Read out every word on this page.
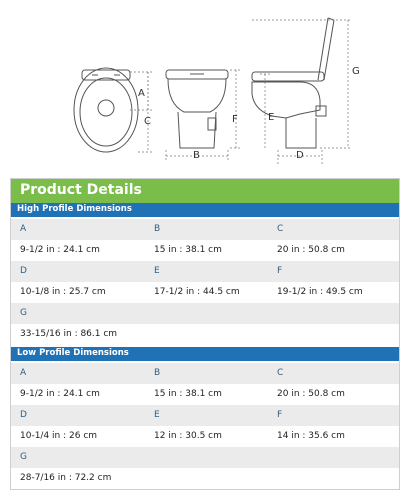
A
C
B
F	E
D
G
Product Details
High Profile Dimensions
A	B	C
9-1/2 in : 24.1 cm	15 in : 38.1 cm	20 in : 50.8 cm
D	E	F
10-1/8 in : 25.7 cm	17-1/2 in : 44.5 cm	19-1/2 in : 49.5 cm
G
33-15/16 in : 86.1 cm
Low Profile Dimensions
A	B	C
9-1/2 in : 24.1 cm	15 in : 38.1 cm	20 in : 50.8 cm
D	E	F
10-1/4 in : 26 cm	12 in : 30.5 cm	14 in : 35.6 cm
G
28-7/16 in : 72.2 cm
